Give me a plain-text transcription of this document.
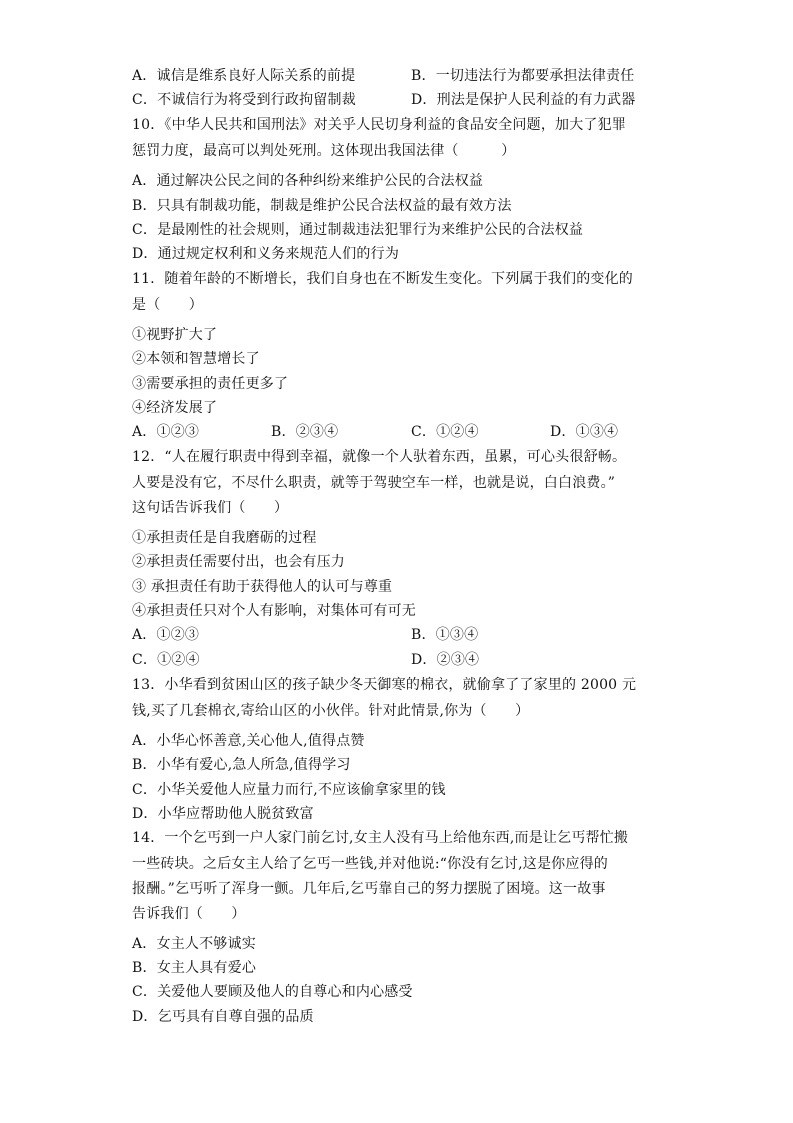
A．诚信是维系良好人际关系的前提	B．一切违法行为都要承担法律责任
C．不诚信行为将受到行政拘留制裁	D．刑法是保护人民利益的有力武器
10．《中华人民共和国刑法》对关乎人民切身利益的食品安全问题，加大了犯罪
惩罚力度，最高可以判处死刑。这体现出我国法律（　　　）
A．通过解决公民之间的各种纠纷来维护公民的合法权益
B．只具有制裁功能，制裁是维护公民合法权益的最有效方法
C．是最刚性的社会规则，通过制裁违法犯罪行为来维护公民的合法权益
D．通过规定权利和义务来规范人们的行为
11．随着年龄的不断增长，我们自身也在不断发生变化。下列属于我们的变化的
是（　　）
①视野扩大了
②本领和智慧增长了
③需要承担的责任更多了
④经济发展了
A．①②③	B．②③④	C．①②④	D．①③④
12．“人在履行职责中得到幸福，就像一个人驮着东西，虽累，可心头很舒畅。
人要是没有它，不尽什么职责，就等于驾驶空车一样，也就是说，白白浪费。”
这句话告诉我们（　　）
①承担责任是自我磨砺的过程
②承担责任需要付出，也会有压力
③ 承担责任有助于获得他人的认可与尊重
④承担责任只对个人有影响，对集体可有可无
A．①②③	B．①③④
C．①②④	D．②③④
13．小华看到贫困山区的孩子缺少冬天御寒的棉衣，就偷拿了了家里的 2000 元
钱,买了几套棉衣,寄给山区的小伙伴。针对此情景,你为（　　）
A．小华心怀善意,关心他人,值得点赞
B．小华有爱心,急人所急,值得学习
C．小华关爱他人应量力而行,不应该偷拿家里的钱
D．小华应帮助他人脱贫致富
14．一个乞丐到一户人家门前乞讨,女主人没有马上给他东西,而是让乞丐帮忙搬
一些砖块。之后女主人给了乞丐一些钱,并对他说:“你没有乞讨,这是你应得的
报酬。”乞丐听了浑身一颤。几年后,乞丐靠自己的努力摆脱了困境。这一故事
告诉我们（　　）
A．女主人不够诚实
B．女主人具有爱心
C．关爱他人要顾及他人的自尊心和内心感受
D．乞丐具有自尊自强的品质
